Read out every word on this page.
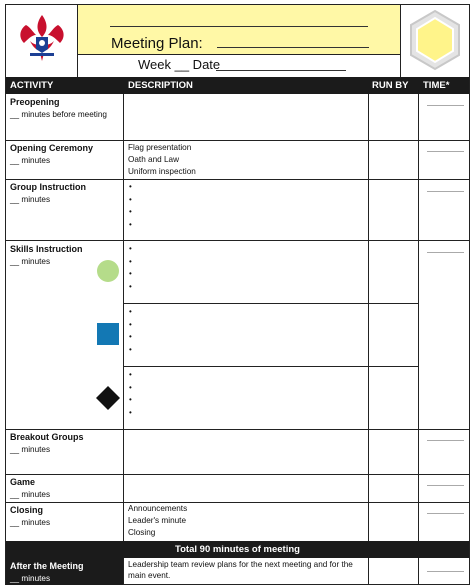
Meeting Plan:
Week __ Date
ACTIVITY	DESCRIPTION	RUN BY TIME*
Preopening
__ minutes before meeting
Opening Ceremony
__ minutes
Flag presentation
Oath and Law
Uniform inspection
Group Instruction
__ minutes
•
•
•
•
Skills Instruction
__ minutes
•
•
•
•
•
•
•
•
•
•
•
•
Breakout Groups
__ minutes
Game
__ minutes
Closing
__ minutes
Announcements
Leader's minute
Closing
Total 90 minutes of meeting
After the Meeting
__ minutes
Leadership team review plans for the next meeting and for the main event.
